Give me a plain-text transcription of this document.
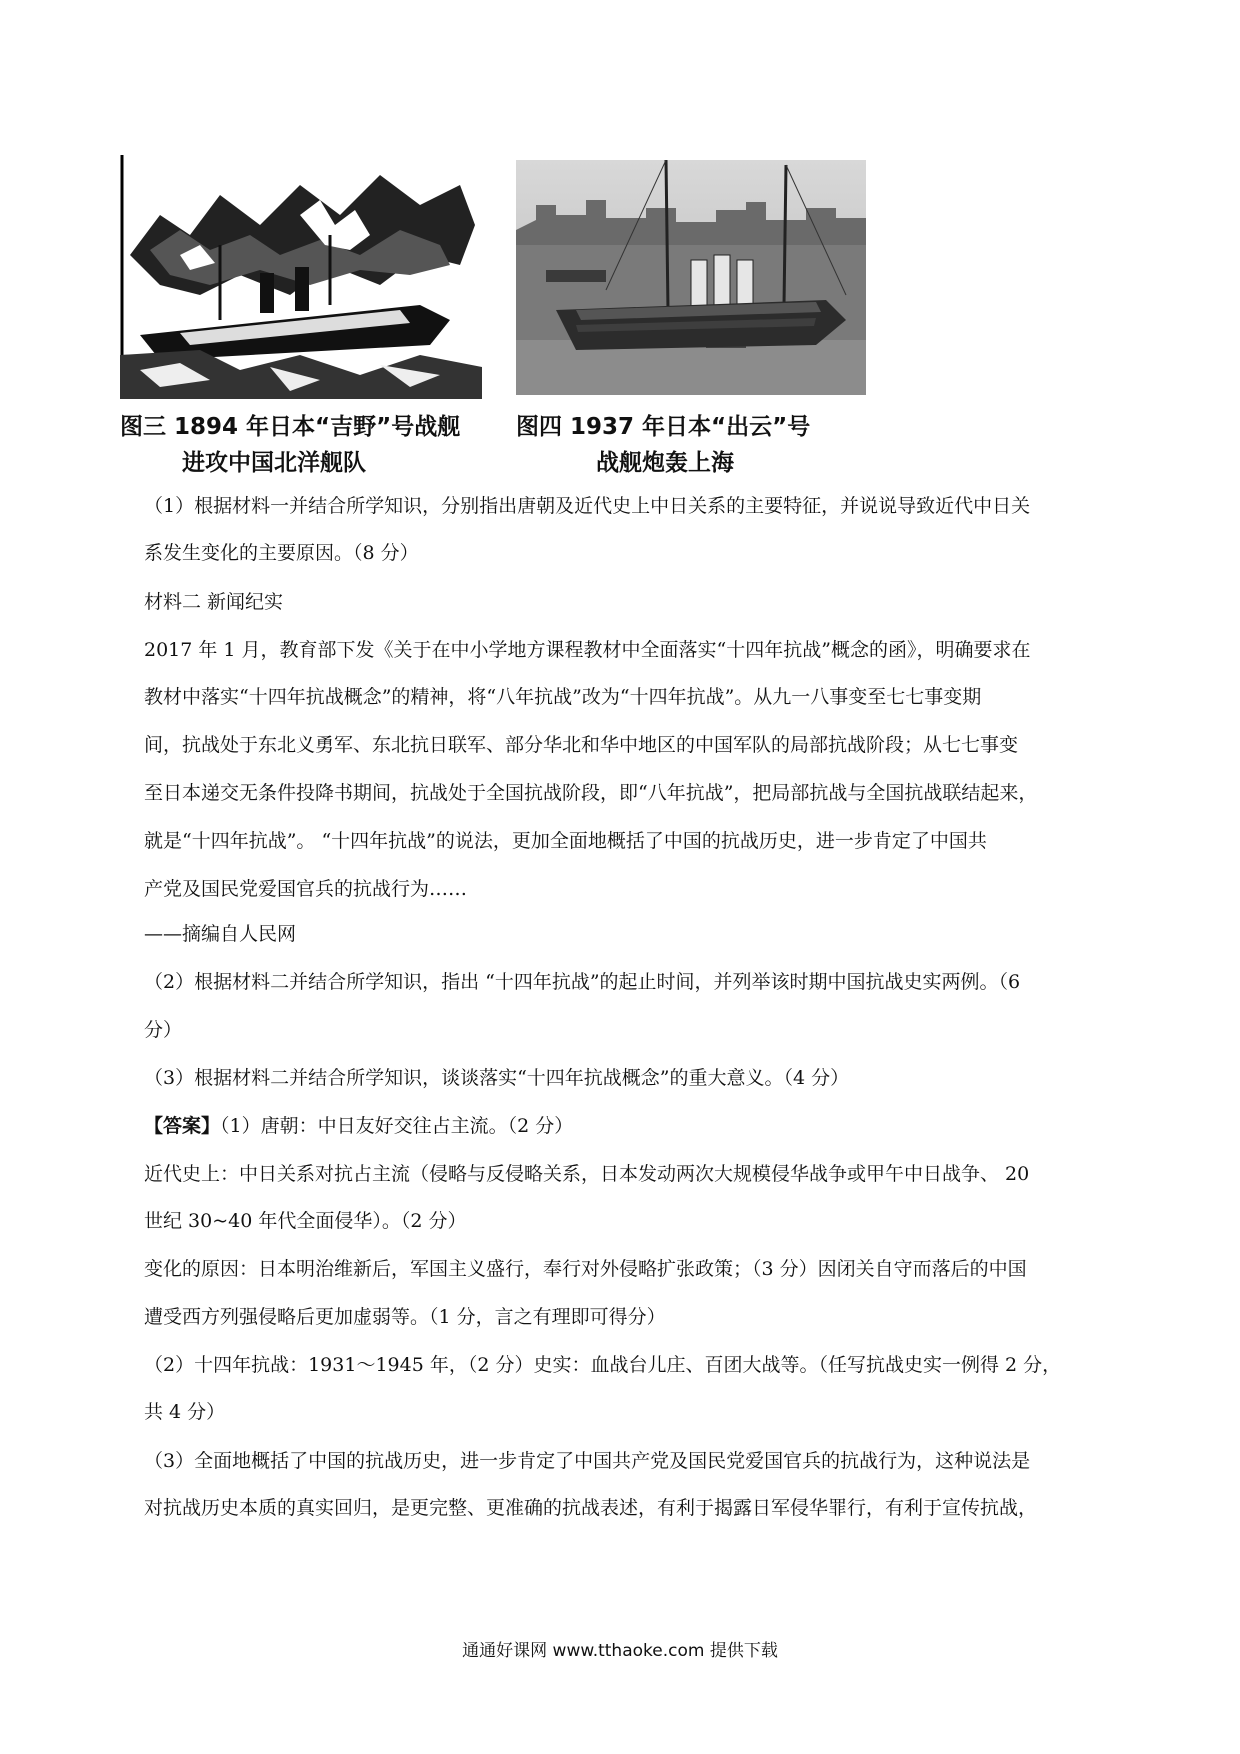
图三 1894 年日本“吉野”号战舰
进攻中国北洋舰队
图四 1937 年日本“出云”号
战舰炮轰上海
（1）根据材料一并结合所学知识，分别指出唐朝及近代史上中日关系的主要特征，并说说导致近代中日关
系发生变化的主要原因。（8 分）
材料二 新闻纪实
2017 年 1 月，教育部下发《关于在中小学地方课程教材中全面落实“十四年抗战”概念的函》，明确要求在
教材中落实“十四年抗战概念”的精神，将“八年抗战”改为“十四年抗战”。从九一八事变至七七事变期
间，抗战处于东北义勇军、东北抗日联军、部分华北和华中地区的中国军队的局部抗战阶段；从七七事变
至日本递交无条件投降书期间，抗战处于全国抗战阶段，即“八年抗战”，把局部抗战与全国抗战联结起来，
就是“十四年抗战”。 “十四年抗战”的说法，更加全面地概括了中国的抗战历史，进一步肯定了中国共
产党及国民党爱国官兵的抗战行为……
——摘编自人民网
（2）根据材料二并结合所学知识，指出 “十四年抗战”的起止时间，并列举该时期中国抗战史实两例。（6
分）
（3）根据材料二并结合所学知识，谈谈落实“十四年抗战概念”的重大意义。（4 分）
【答案】（1）唐朝：中日友好交往占主流。（2 分）
近代史上：中日关系对抗占主流（侵略与反侵略关系，日本发动两次大规模侵华战争或甲午中日战争、 20
世纪 30~40 年代全面侵华）。（2 分）
变化的原因：日本明治维新后，军国主义盛行，奉行对外侵略扩张政策；（3 分）因闭关自守而落后的中国
遭受西方列强侵略后更加虚弱等。（1 分，言之有理即可得分）
（2）十四年抗战：1931～1945 年，（2 分）史实：血战台儿庄、百团大战等。（任写抗战史实一例得 2 分，
共 4 分）
（3）全面地概括了中国的抗战历史，进一步肯定了中国共产党及国民党爱国官兵的抗战行为，这种说法是
对抗战历史本质的真实回归，是更完整、更准确的抗战表述，有利于揭露日军侵华罪行，有利于宣传抗战，
通通好课网 www.tthaoke.com 提供下载
